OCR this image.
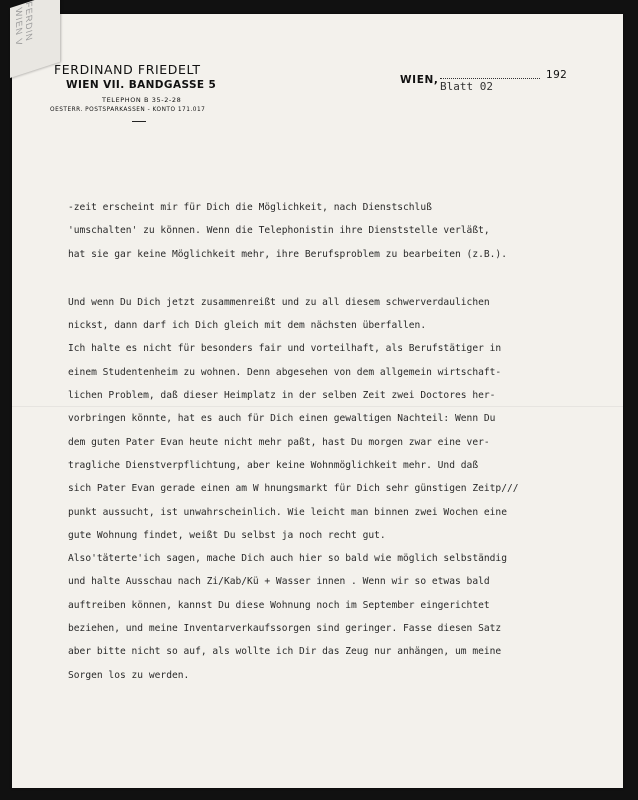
WIEN V FERDIN
FERDINAND FRIEDELT
WIEN VII. BANDGASSE 5
TELEPHON B 35-2-28
OESTERR. POSTSPARKASSEN - KONTO 171.017
WIEN,	192
Blatt 02
-zeit erscheint mir für Dich die Möglichkeit, nach Dienstschluß
'umschalten' zu können. Wenn die Telephonistin ihre Dienststelle verläßt,
hat sie gar keine Möglichkeit mehr, ihre Berufsproblem zu bearbeiten (z.B.).
Und wenn Du Dich jetzt zusammenreißt und zu all diesem schwerverdaulichen
nickst, dann darf ich Dich gleich mit dem nächsten überfallen.
Ich halte es nicht für besonders fair und vorteilhaft, als Berufstätiger in
einem Studentenheim zu wohnen. Denn abgesehen von dem allgemein wirtschaft-
lichen Problem, daß dieser Heimplatz in der selben Zeit zwei Doctores her-
vorbringen könnte, hat es auch für Dich einen gewaltigen Nachteil: Wenn Du
dem guten Pater Evan heute nicht mehr paßt, hast Du morgen zwar eine ver-
tragliche Dienstverpflichtung, aber keine Wohnmöglichkeit mehr. Und daß
sich Pater Evan gerade einen am W hnungsmarkt für Dich sehr günstigen Zeitp///
punkt aussucht, ist unwahrscheinlich. Wie leicht man binnen zwei Wochen eine
gute Wohnung findet, weißt Du selbst ja noch recht gut.
Also'täterte'ich sagen, mache Dich auch hier so bald wie möglich selbständig
und halte Ausschau nach Zi/Kab/Kü + Wasser innen . Wenn wir so etwas bald
auftreiben können, kannst Du diese Wohnung noch im September eingerichtet
beziehen, und meine Inventarverkaufssorgen sind geringer. Fasse diesen Satz
aber bitte nicht so auf, als wollte ich Dir das Zeug nur anhängen, um meine
Sorgen los zu werden.
